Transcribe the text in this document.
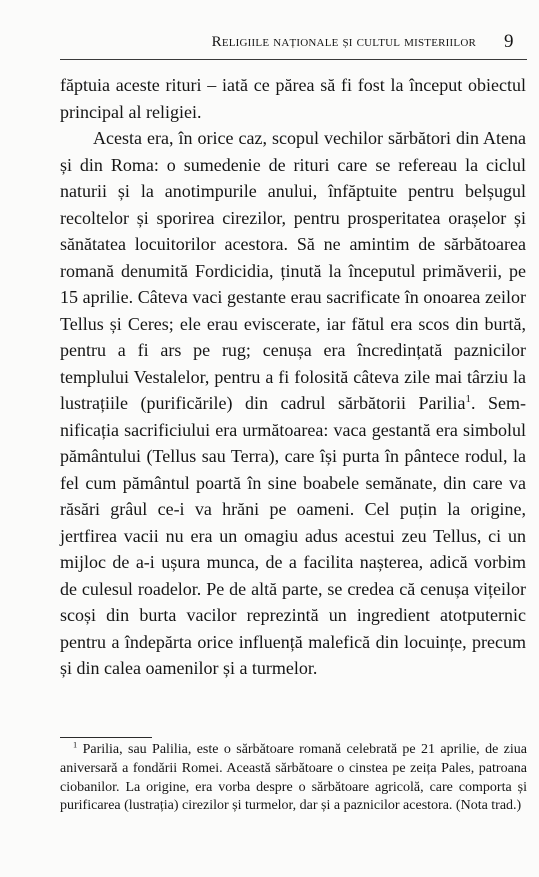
Religiile naționale și cultul misteriilor 9

făptuia aceste rituri – iată ce părea să fi fost la început obiectul principal al religiei.

Acesta era, în orice caz, scopul vechilor sărbători din Atena și din Roma: o sumedenie de rituri care se refereau la ciclul naturii și la anotimpurile anului, înfăptuite pentru belșugul recoltelor și sporirea cirezilor, pentru prosperitatea orașelor și sănătatea locuitorilor acestora. Să ne amintim de sărbătoarea romană denumită Fordicidia, ținută la începutul primăverii, pe 15 aprilie. Câteva vaci gestante erau sacrificate în onoarea zeilor Tellus și Ceres; ele erau eviscerate, iar fătul era scos din burtă, pentru a fi ars pe rug; cenușa era încredințată paznicilor templului Vestalelor, pentru a fi folosită câteva zile mai târziu la lustrațiile (purificările) din cadrul sărbătorii Parilia$^1$. Semnificația sacrificiului era următoarea: vaca gestantă era simbolul pământului (Tellus sau Terra), care își purta în pântece rodul, la fel cum pământul poartă în sine boabele semănate, din care va răsări grâul ce-i va hrăni pe oameni. Cel puțin la origine, jertfirea vacii nu era un omagiu adus acestui zeu Tellus, ci un mijloc de a-i ușura munca, de a facilita nașterea, adică vorbim de culesul roadelor. Pe de altă parte, se credea că cenușa vițeilor scoși din burta vacilor reprezintă un ingredient atotputernic pentru a îndepărta orice influență malefică din locuințe, precum și din calea oamenilor și a turmelor.

$^1$ Parilia, sau Palilia, este o sărbătoare romană celebrată pe 21 aprilie, de ziua aniversară a fondării Romei. Această sărbătoare o cinstea pe zeița Pales, patroana ciobanilor. La origine, era vorba despre o sărbătoare agricolă, care comporta și purificarea (lustrația) cirezilor și turmelor, dar și a paznicilor acestora. (Nota trad.)
